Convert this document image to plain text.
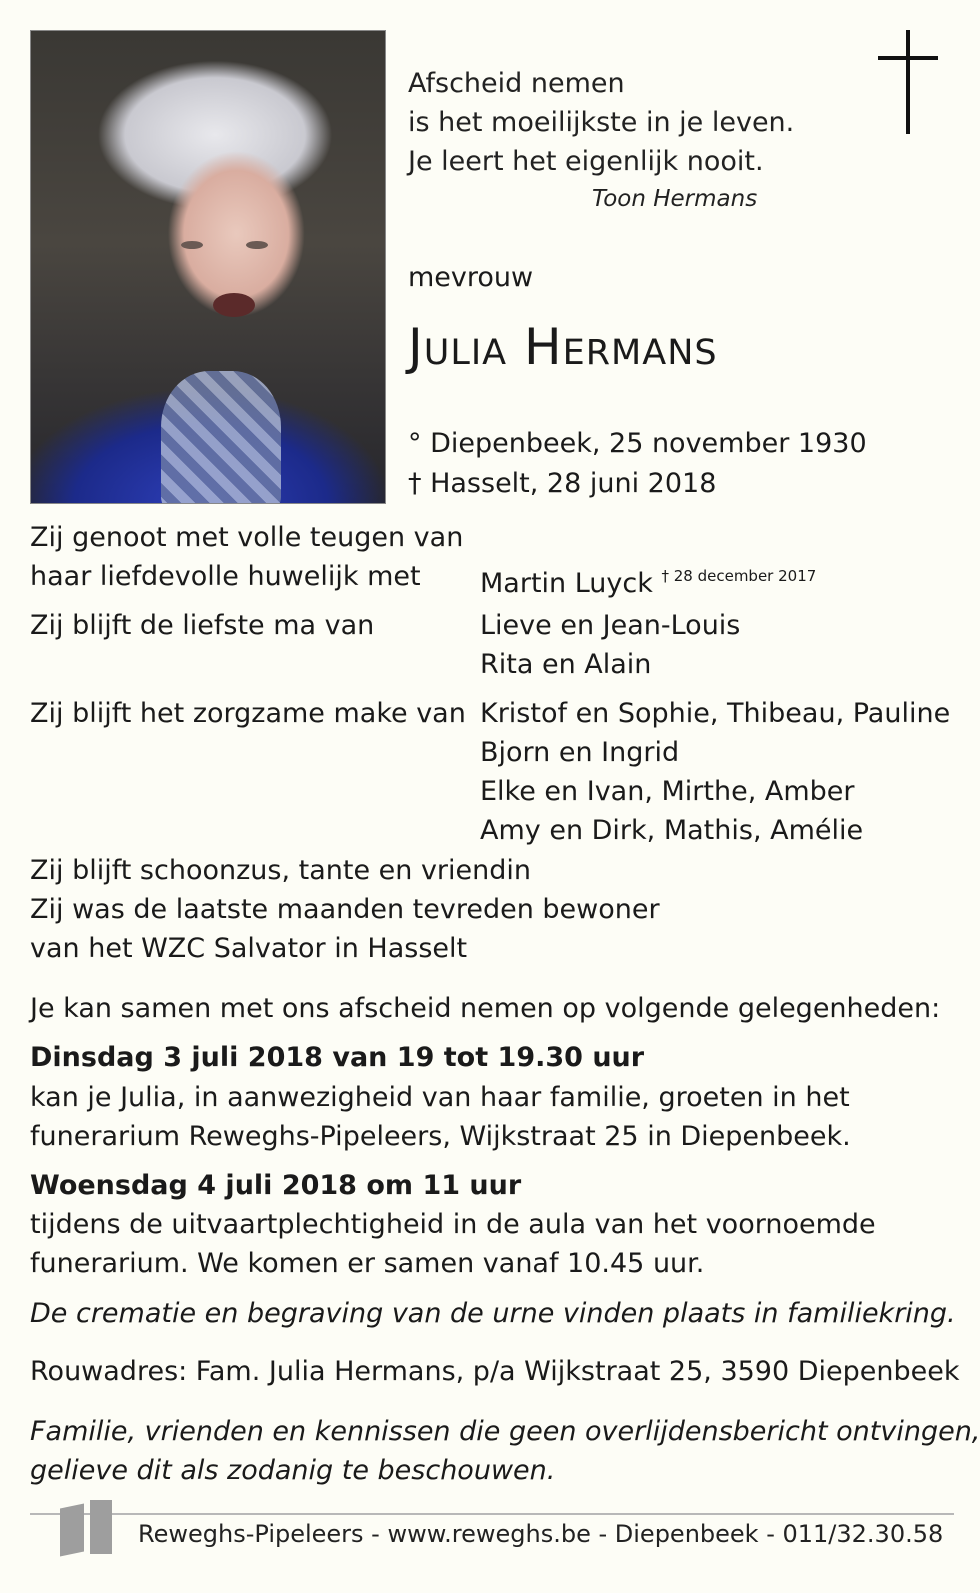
Afscheid nemen
is het moeilijkste in je leven.
Je leert het eigenlijk nooit.
Toon Hermans
mevrouw
Julia Hermans
° Diepenbeek, 25 november 1930
† Hasselt, 28 juni 2018
Zij genoot met volle teugen van
haar liefdevolle huwelijk met Martin Luyck $^{\dagger 28 december 2017}$
Zij blijft de liefste ma van	Lieve en Jean-Louis
Rita en Alain
Zij blijft het zorgzame make van Kristof en Sophie, Thibeau, Pauline
Bjorn en Ingrid
Elke en Ivan, Mirthe, Amber
Amy en Dirk, Mathis, Amélie
Zij blijft schoonzus, tante en vriendin
Zij was de laatste maanden tevreden bewoner
van het WZC Salvator in Hasselt
Je kan samen met ons afscheid nemen op volgende gelegenheden:
Dinsdag 3 juli 2018 van 19 tot 19.30 uur
kan je Julia, in aanwezigheid van haar familie, groeten in het
funerarium Reweghs-Pipeleers, Wijkstraat 25 in Diepenbeek.
Woensdag 4 juli 2018 om 11 uur
tijdens de uitvaartplechtigheid in de aula van het voornoemde
funerarium. We komen er samen vanaf 10.45 uur.
De crematie en begraving van de urne vinden plaats in familiekring.
Rouwadres: Fam. Julia Hermans, p/a Wijkstraat 25, 3590 Diepenbeek
Familie, vrienden en kennissen die geen overlijdensbericht ontvingen,
gelieve dit als zodanig te beschouwen.
Reweghs-Pipeleers - www.reweghs.be - Diepenbeek - 011/32.30.58
